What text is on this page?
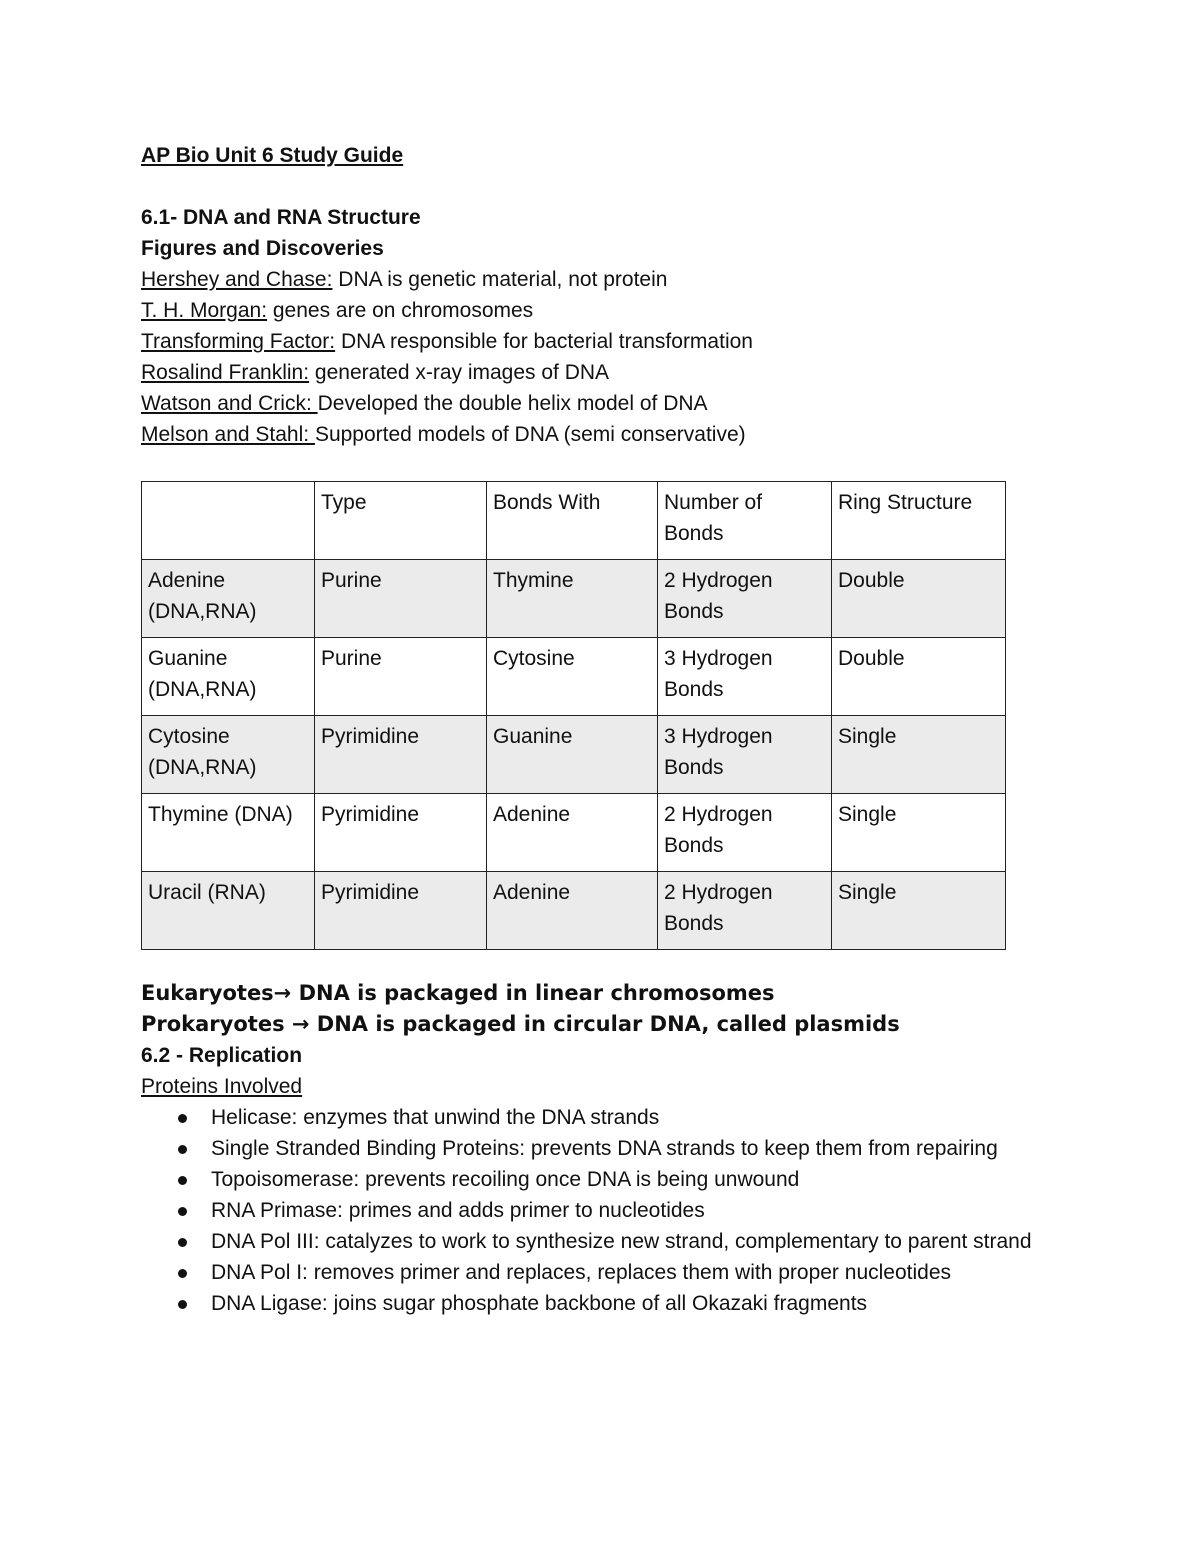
AP Bio Unit 6 Study Guide
6.1- DNA and RNA Structure
Figures and Discoveries
Hershey and Chase: DNA is genetic material, not protein
T. H. Morgan: genes are on chromosomes
Transforming Factor: DNA responsible for bacterial transformation
Rosalind Franklin: generated x-ray images of DNA
Watson and Crick: Developed the double helix model of DNA
Melson and Stahl: Supported models of DNA (semi conservative)
	Type	Bonds With	Number of Bonds	Ring Structure
Adenine (DNA,RNA)	Purine	Thymine	2 Hydrogen Bonds	Double
Guanine (DNA,RNA)	Purine	Cytosine	3 Hydrogen Bonds	Double
Cytosine (DNA,RNA)	Pyrimidine	Guanine	3 Hydrogen Bonds	Single
Thymine (DNA)	Pyrimidine	Adenine	2 Hydrogen Bonds	Single
Uracil (RNA)	Pyrimidine	Adenine	2 Hydrogen Bonds	Single
Eukaryotes→ DNA is packaged in linear chromosomes
Prokaryotes → DNA is packaged in circular DNA, called plasmids
6.2 - Replication
Proteins Involved
Helicase: enzymes that unwind the DNA strands
Single Stranded Binding Proteins: prevents DNA strands to keep them from repairing
Topoisomerase: prevents recoiling once DNA is being unwound
RNA Primase: primes and adds primer to nucleotides
DNA Pol III: catalyzes to work to synthesize new strand, complementary to parent strand
DNA Pol I: removes primer and replaces, replaces them with proper nucleotides
DNA Ligase: joins sugar phosphate backbone of all Okazaki fragments
